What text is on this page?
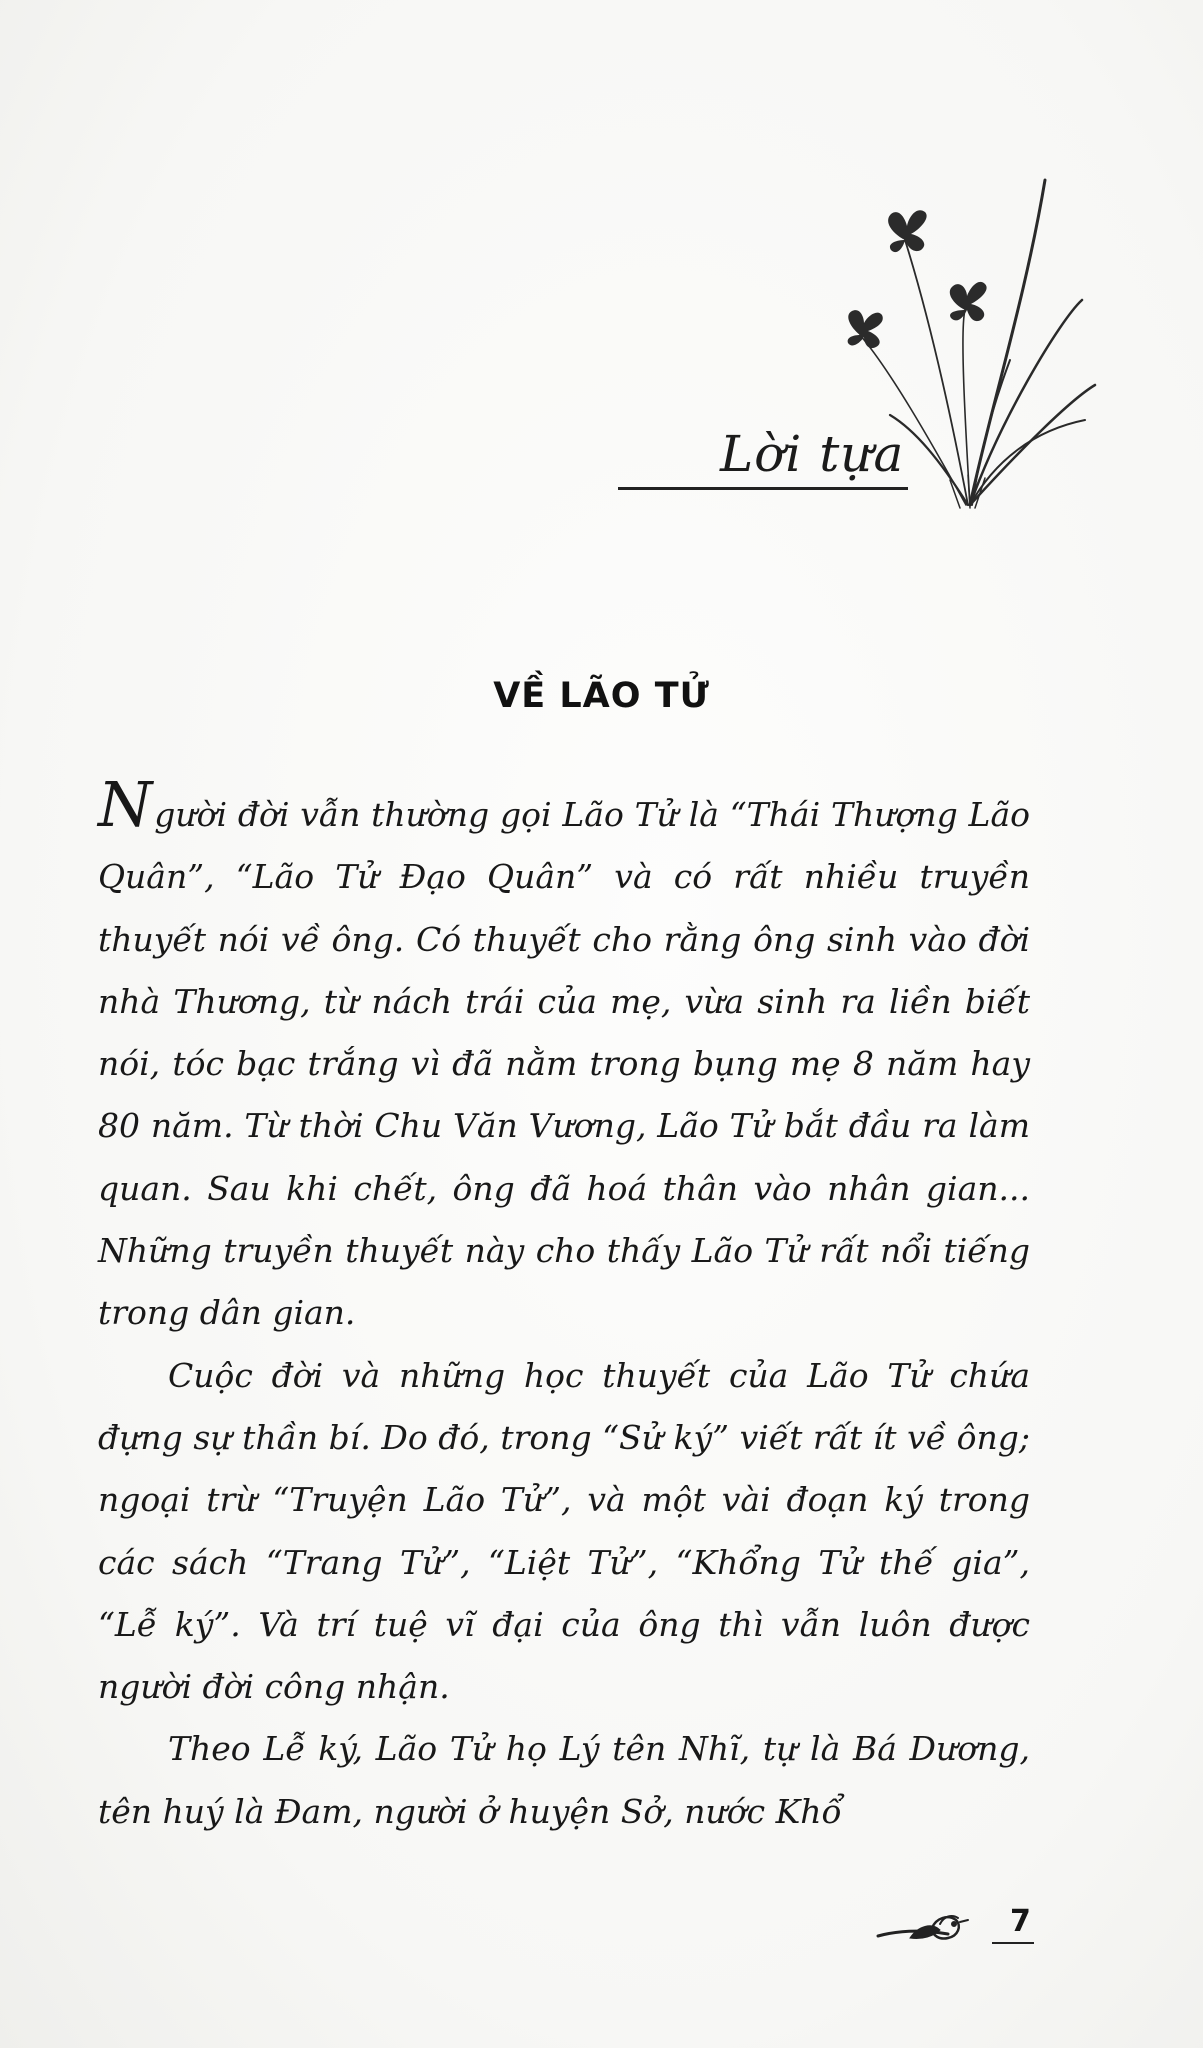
Lời tựa
VỀ LÃO TỬ

Người đời vẫn thường gọi Lão Tử là “Thái Thượng Lão Quân”, “Lão Tử Đạo Quân” và có rất nhiều truyền thuyết nói về ông. Có thuyết cho rằng ông sinh vào đời nhà Thương, từ nách trái của mẹ, vừa sinh ra liền biết nói, tóc bạc trắng vì đã nằm trong bụng mẹ 8 năm hay 80 năm. Từ thời Chu Văn Vương, Lão Tử bắt đầu ra làm quan. Sau khi chết, ông đã hoá thân vào nhân gian... Những truyền thuyết này cho thấy Lão Tử rất nổi tiếng trong dân gian.

Cuộc đời và những học thuyết của Lão Tử chứa đựng sự thần bí. Do đó, trong “Sử ký” viết rất ít về ông; ngoại trừ “Truyện Lão Tử”, và một vài đoạn ký trong các sách “Trang Tử”, “Liệt Tử”, “Khổng Tử thế gia”, “Lễ ký”. Và trí tuệ vĩ đại của ông thì vẫn luôn được người đời công nhận.

Theo Lễ ký, Lão Tử họ Lý tên Nhĩ, tự là Bá Dương, tên huý là Đam, người ở huyện Sở, nước Khổ

7
